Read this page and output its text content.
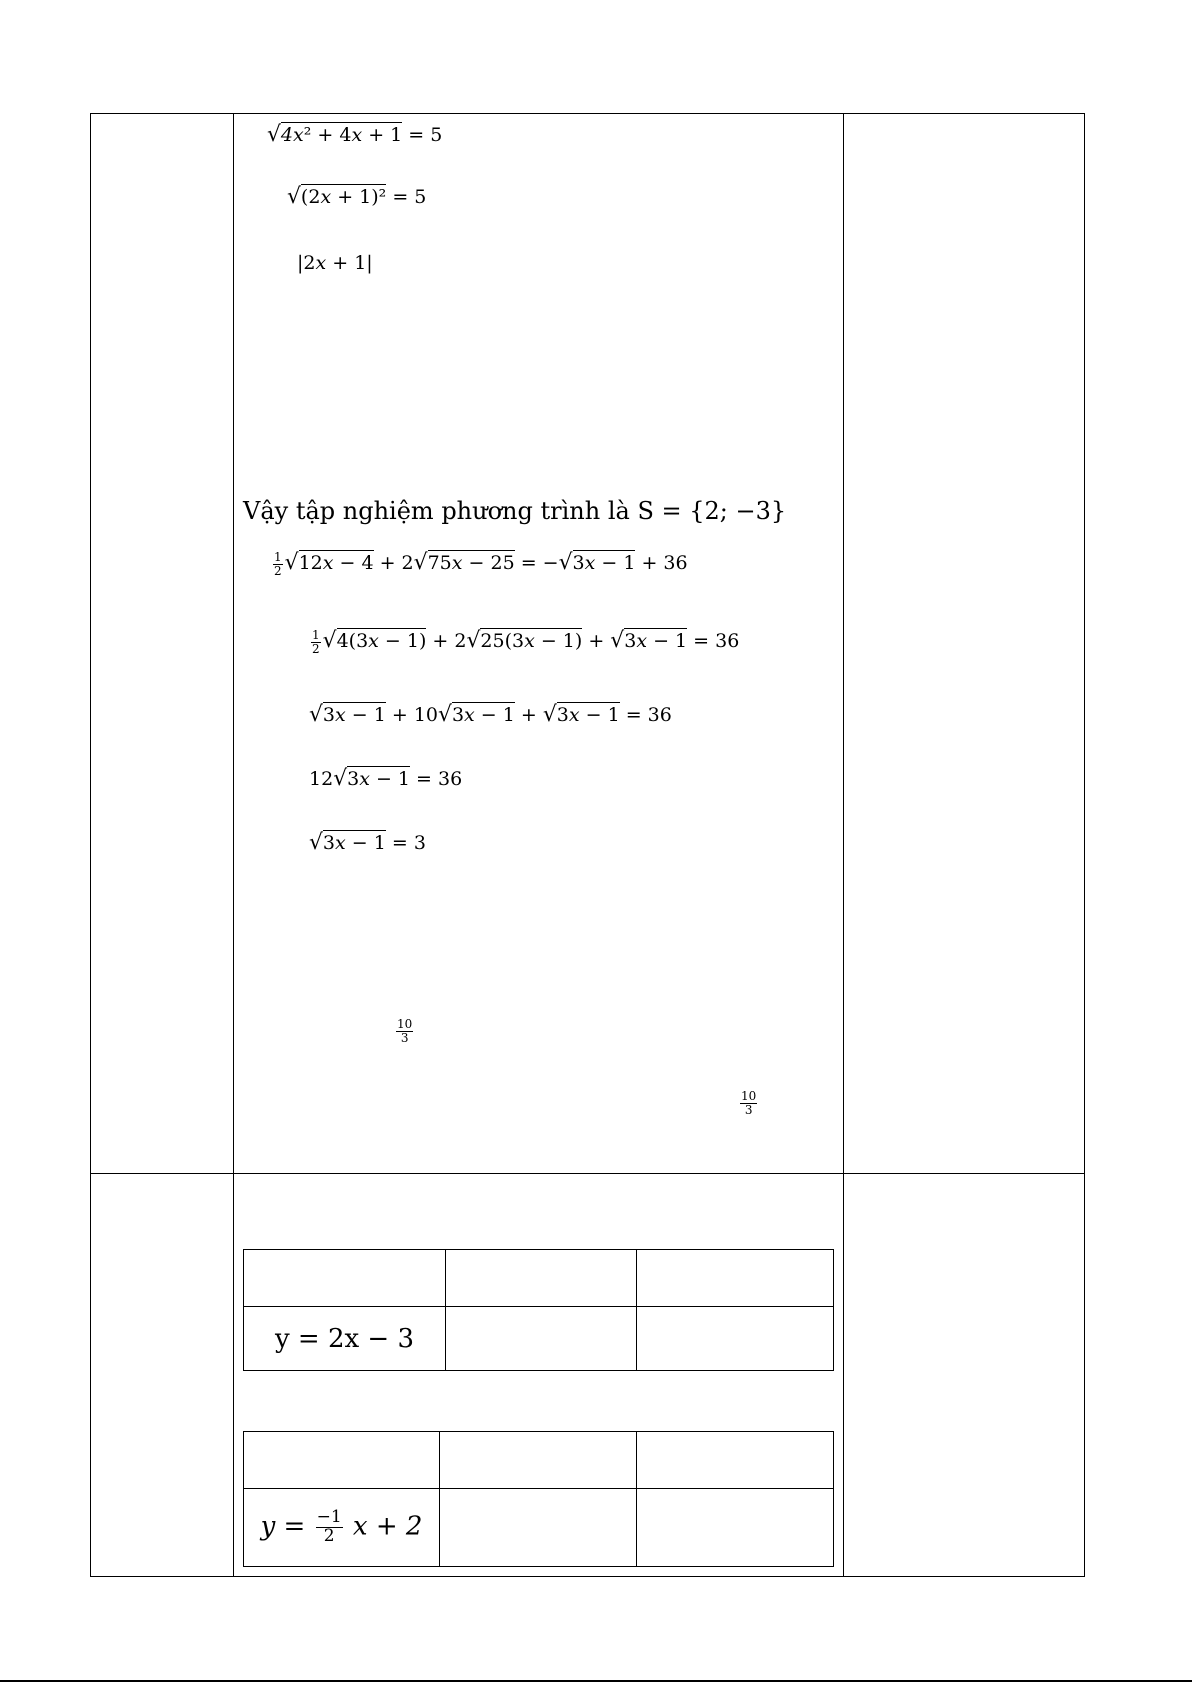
√4x² + 4x + 1 = 5
√(2x + 1)² = 5
|2x + 1|
Vậy tập nghiệm phương trình là S = {2; −3}
$\frac{1}{2} √12x - 4 + 2√75x - 25 = -√3x - 1 + 36$
$\frac{1}{2} √4(3x - 1) + 2√25(3x - 1) + √3x - 1 = 36$
√3x − 1 + 10√3x − 1 + √3x − 1 = 36
12√3x − 1 = 36
√3x − 1 = 3
$\frac{10}{3}$
$\frac{10}{3}$

y = 2x − 3		

$y = \frac{-1}{2}$ x + 2		
